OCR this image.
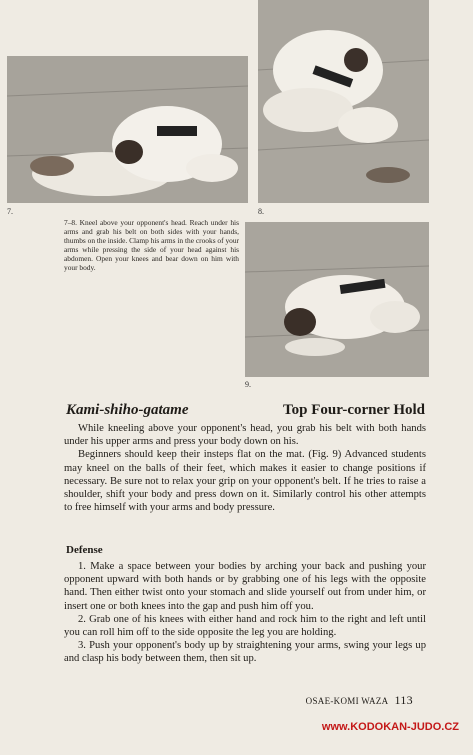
7.	8.
7–8. Kneel above your opponent's head. Reach under his arms and grab his belt on both sides with your hands, thumbs on the inside. Clamp his arms in the crooks of your arms while pressing the side of your head against his abdomen. Open your knees and bear down on him with your body.
9.
Kami-shiho-gatame	Top Four-corner Hold

While kneeling above your opponent's head, you grab his belt with both hands under his upper arms and press your body down on his.

Beginners should keep their insteps flat on the mat. (Fig. 9) Advanced students may kneel on the balls of their feet, which makes it easier to change positions if necessary. Be sure not to relax your grip on your opponent's belt. If he tries to raise a shoulder, shift your body and press down on it. Similarly control his other attempts to free himself with your arms and body pressure.

Defense

1. Make a space between your bodies by arching your back and pushing your opponent upward with both hands or by grabbing one of his legs with the opposite hand. Then either twist onto your stomach and slide yourself out from under him, or insert one or both knees into the gap and push him off you.

2. Grab one of his knees with either hand and rock him to the right and left until you can roll him off to the side opposite the leg you are holding.

3. Push your opponent's body up by straightening your arms, swing your legs up and clasp his body between them, then sit up.

OSAE-KOMI WAZA 113
www.KODOKAN-JUDO.CZ
